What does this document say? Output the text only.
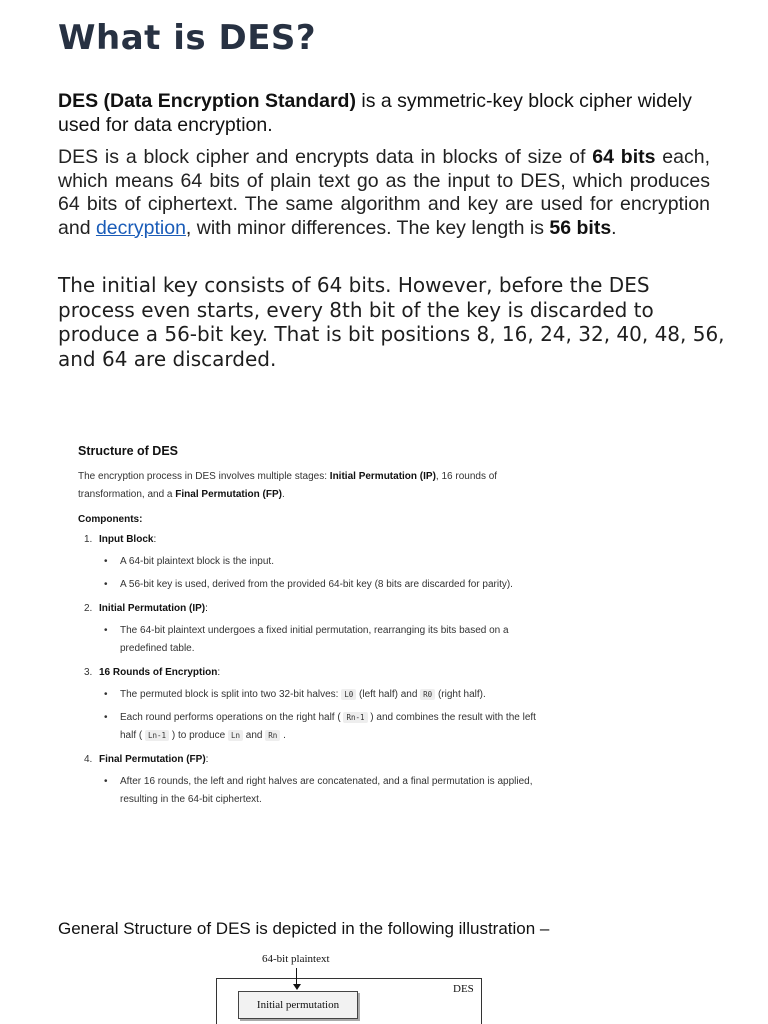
What is DES?

DES (Data Encryption Standard) is a symmetric-key block cipher widely used for data encryption.

DES is a block cipher and encrypts data in blocks of size of 64 bits each, which means 64 bits of plain text go as the input to DES, which produces 64 bits of ciphertext. The same algorithm and key are used for encryption and decryption, with minor differences. The key length is 56 bits.

The initial key consists of 64 bits. However, before the DES process even starts, every 8th bit of the key is discarded to produce a 56-bit key. That is bit positions 8, 16, 24, 32, 40, 48, 56, and 64 are discarded.

Structure of DES

The encryption process in DES involves multiple stages: Initial Permutation (IP), 16 rounds of transformation, and a Final Permutation (FP).

Components:

1. Input Block:
• A 64-bit plaintext block is the input.
• A 56-bit key is used, derived from the provided 64-bit key (8 bits are discarded for parity).
2. Initial Permutation (IP):
• The 64-bit plaintext undergoes a fixed initial permutation, rearranging its bits based on a predefined table.
3. 16 Rounds of Encryption:
• The permuted block is split into two 32-bit halves: L0 (left half) and R0 (right half).
• Each round performs operations on the right half ( Rn-1 ) and combines the result with the left half ( Ln-1 ) to produce Ln and Rn .
4. Final Permutation (FP):
• After 16 rounds, the left and right halves are concatenated, and a final permutation is applied, resulting in the 64-bit ciphertext.

General Structure of DES is depicted in the following illustration –

64-bit plaintext
DES
Initial permutation
